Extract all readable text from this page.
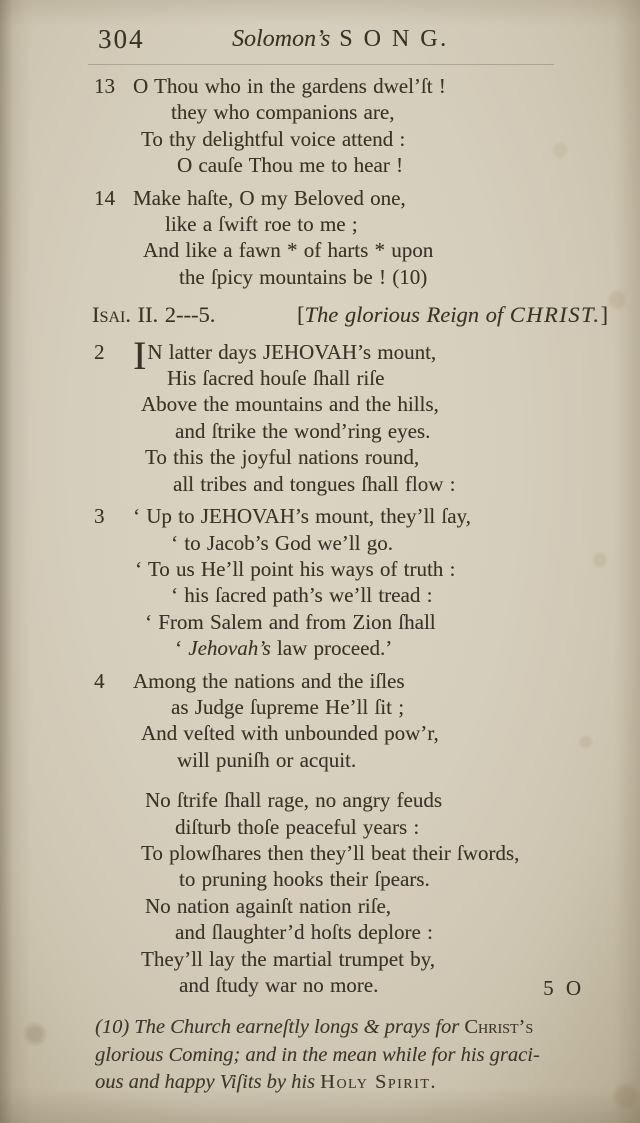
304	Solomon’s S O N G.
13 O Thou who in the gardens dwel’ſt !
they who companions are,
To thy delightful voice attend :
O cauſe Thou me to hear !
14 Make haſte, O my Beloved one,
like a ſwift roe to me ;
And like a fawn * of harts * upon
the ſpicy mountains be ! (10)
Isai. II. 2---5.	[The glorious Reign of CHRIST.]
2 IN latter days JEHOVAH’s mount,
His ſacred houſe ſhall riſe
Above the mountains and the hills,
and ſtrike the wond’ring eyes.
To this the joyful nations round,
all tribes and tongues ſhall flow :
3 ‘ Up to JEHOVAH’s mount, they’ll ſay,
‘ to Jacob’s God we’ll go.
‘ To us He’ll point his ways of truth :
‘ his ſacred path’s we’ll tread :
‘ From Salem and from Zion ſhall
‘ Jehovah’s law proceed.’
4 Among the nations and the iſles
as Judge ſupreme He’ll ſit ;
And veſted with unbounded pow’r,
will puniſh or acquit.
No ſtrife ſhall rage, no angry feuds
diſturb thoſe peaceful years :
To plowſhares then they’ll beat their ſwords,
to pruning hooks their ſpears.
No nation againſt nation riſe,
and ſlaughter’d hoſts deplore :
They’ll lay the martial trumpet by,
and ſtudy war no more.	5 O
(10) The Church earneſtly longs & prays for Christ’s
glorious Coming; and in the mean while for his graci-
ous and happy Viſits by his Holy Spirit.
